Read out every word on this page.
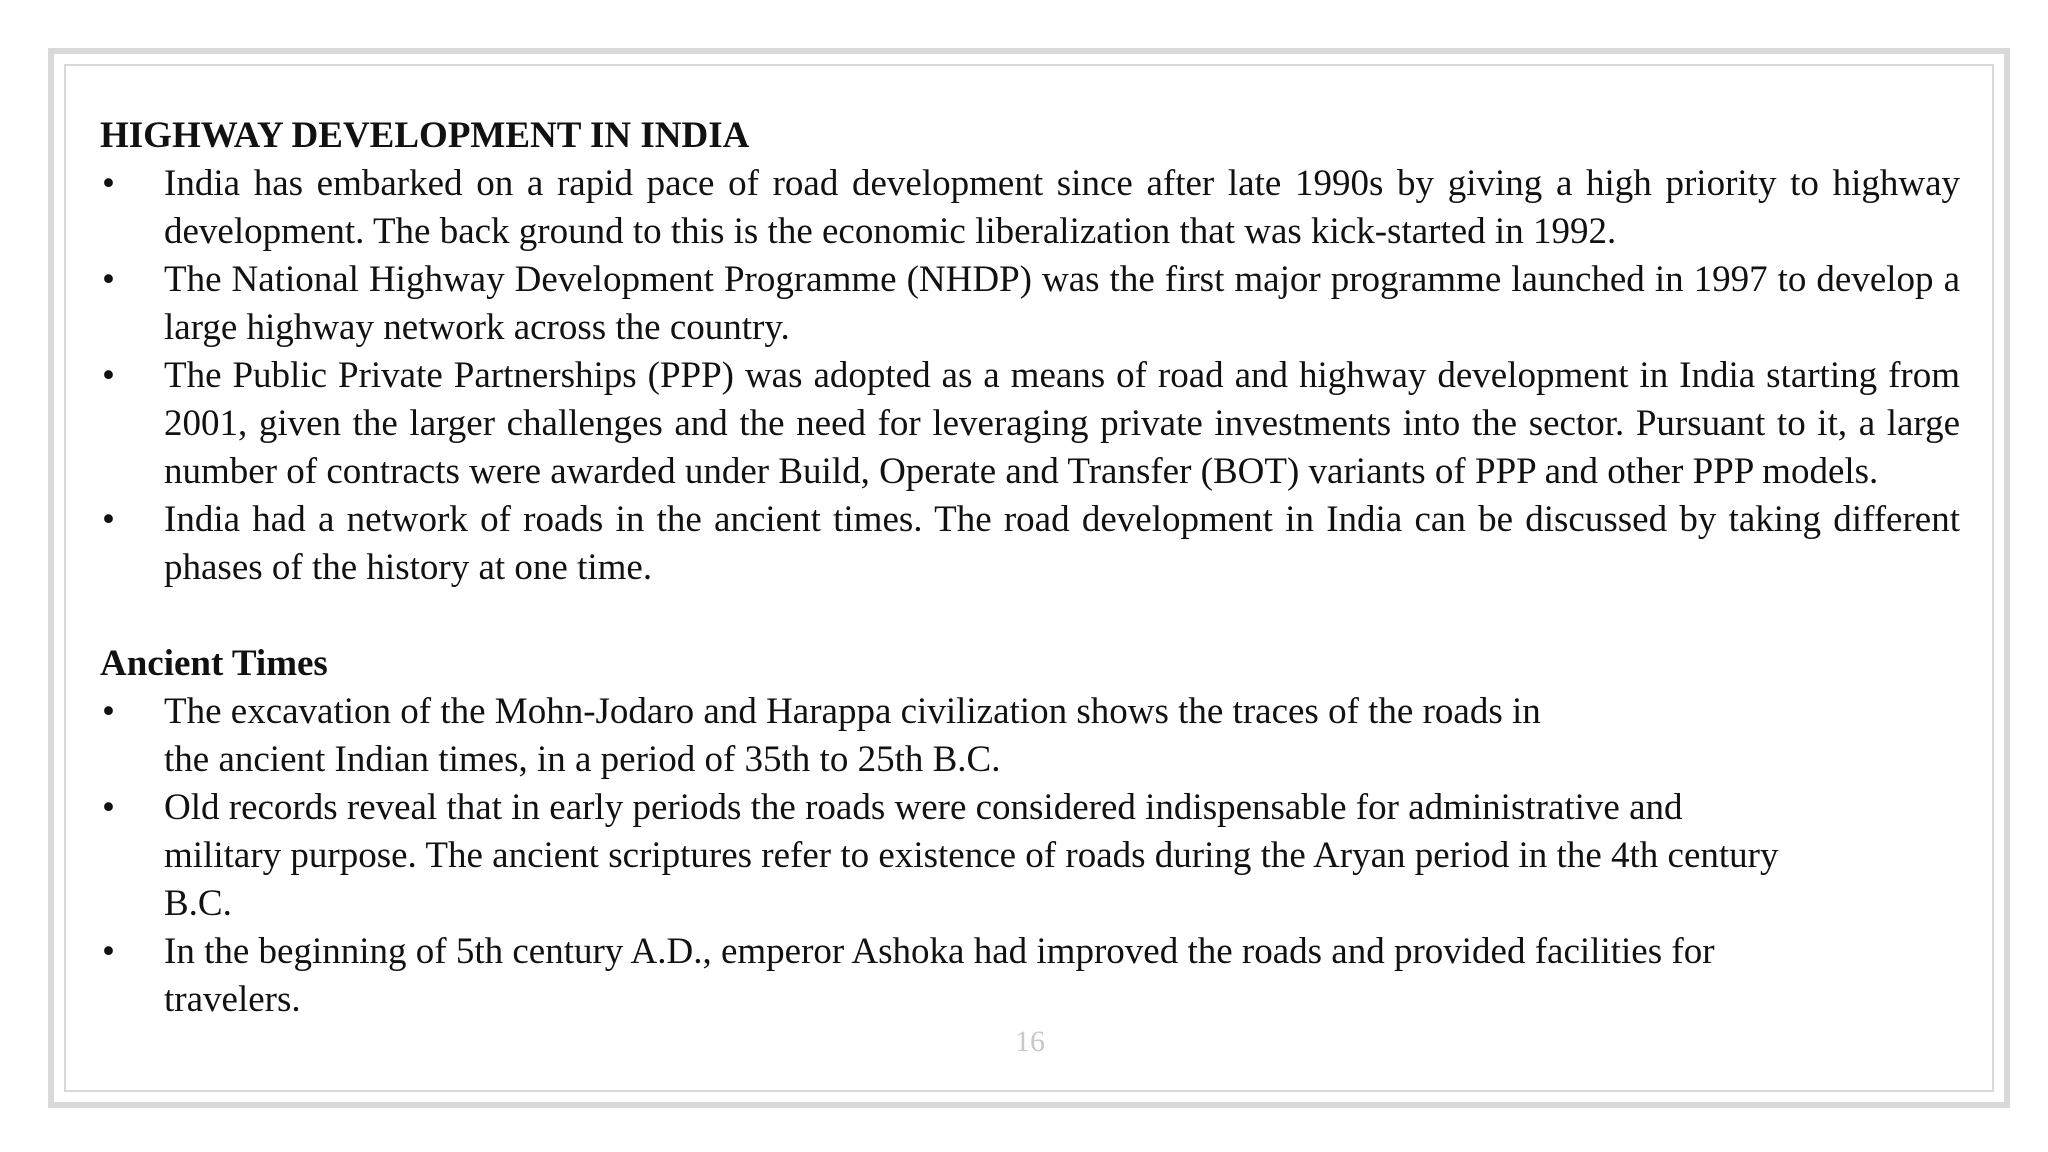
HIGHWAY DEVELOPMENT IN INDIA

• India has embarked on a rapid pace of road development since after late 1990s by giving a high priority to highway development. The back ground to this is the economic liberalization that was kick-started in 1992.
• The National Highway Development Programme (NHDP) was the first major programme launched in 1997 to develop a large highway network across the country.
• The Public Private Partnerships (PPP) was adopted as a means of road and highway development in India starting from 2001, given the larger challenges and the need for leveraging private investments into the sector. Pursuant to it, a large number of contracts were awarded under Build, Operate and Transfer (BOT) variants of PPP and other PPP models.
• India had a network of roads in the ancient times. The road development in India can be discussed by taking different phases of the history at one time.

Ancient Times

• The excavation of the Mohn-Jodaro and Harappa civilization shows the traces of the roads in
the ancient Indian times, in a period of 35th to 25th B.C.
• Old records reveal that in early periods the roads were considered indispensable for administrative and
military purpose. The ancient scriptures refer to existence of roads during the Aryan period in the 4th century
B.C.
• In the beginning of 5th century A.D., emperor Ashoka had improved the roads and provided facilities for
travelers.
16
